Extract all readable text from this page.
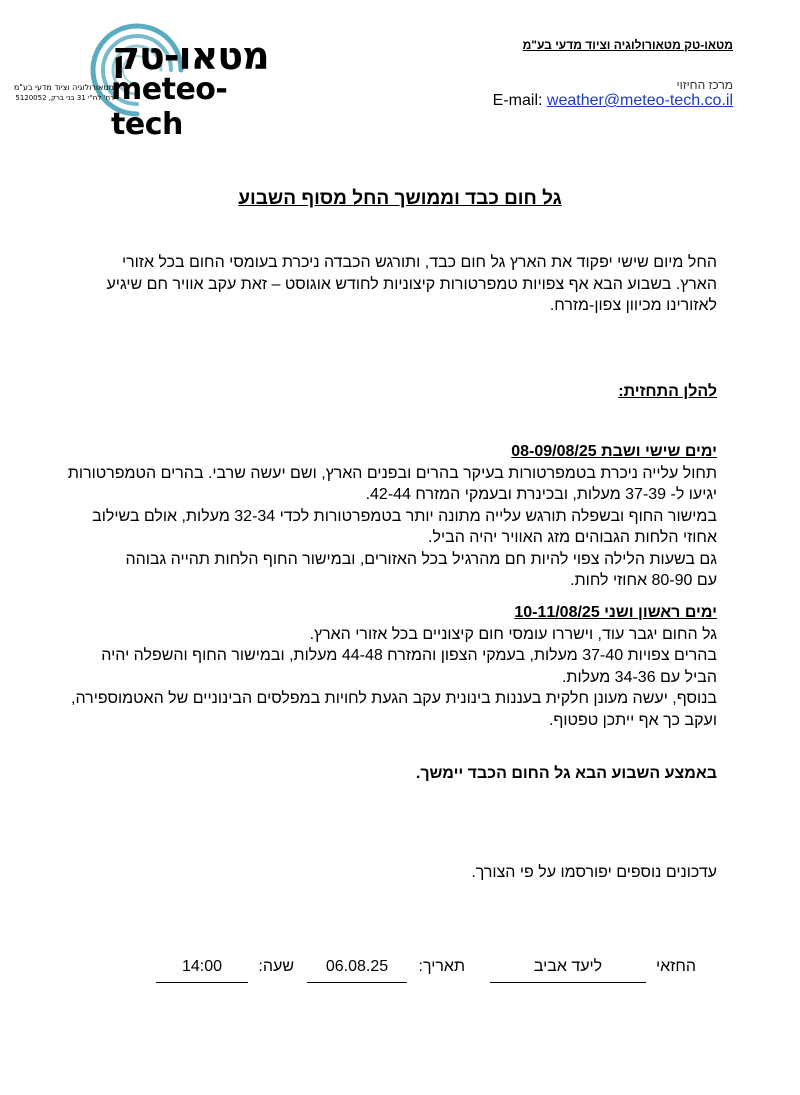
מטאו-טק
meteo-tech
מטאורולוגיה וציוד מדעי בע"מ
רח' לח"י 31 בני ברק, 5120052
מטאו-טק מטאורולוגיה וציוד מדעי בע"מ
מרכז החיזוי
E-mail: weather@meteo-tech.co.il
גל חום כבד וממושך החל מסוף השבוע
החל מיום שישי יפקוד את הארץ גל חום כבד, ותורגש הכבדה ניכרת בעומסי החום בכל אזורי
הארץ. בשבוע הבא אף צפויות טמפרטורות קיצוניות לחודש אוגוסט – זאת עקב אוויר חם שיגיע
לאזורינו מכיוון צפון-מזרח.
להלן התחזית:
ימים שישי ושבת 08-09/08/25
תחול עלייה ניכרת בטמפרטורות בעיקר בהרים ובפנים הארץ, ושם יעשה שרבי. בהרים הטמפרטורות
יגיעו ל- 37-39 מעלות, ובכינרת ובעמקי המזרח 42-44.
במישור החוף ובשפלה תורגש עלייה מתונה יותר בטמפרטורות לכדי 32-34 מעלות, אולם בשילוב
אחוזי הלחות הגבוהים מזג האוויר יהיה הביל.
גם בשעות הלילה צפוי להיות חם מהרגיל בכל האזורים, ובמישור החוף הלחות תהייה גבוהה
עם 80-90 אחוזי לחות.
ימים ראשון ושני 10-11/08/25
גל החום יגבר עוד, וישררו עומסי חום קיצוניים בכל אזורי הארץ.
בהרים צפויות 37-40 מעלות, בעמקי הצפון והמזרח 44-48 מעלות, ובמישור החוף והשפלה יהיה
הביל עם 34-36 מעלות.
בנוסף, יעשה מעונן חלקית בעננות בינונית עקב הגעת לחויות במפלסים הבינוניים של האטמוספירה,
ועקב כך אף ייתכן טפטוף.
באמצע השבוע הבא גל החום הכבד יימשך.
עדכונים נוספים יפורסמו על פי הצורך.
החזאי
ליעד אביב
תאריך:
06.08.25
שעה:
14:00
